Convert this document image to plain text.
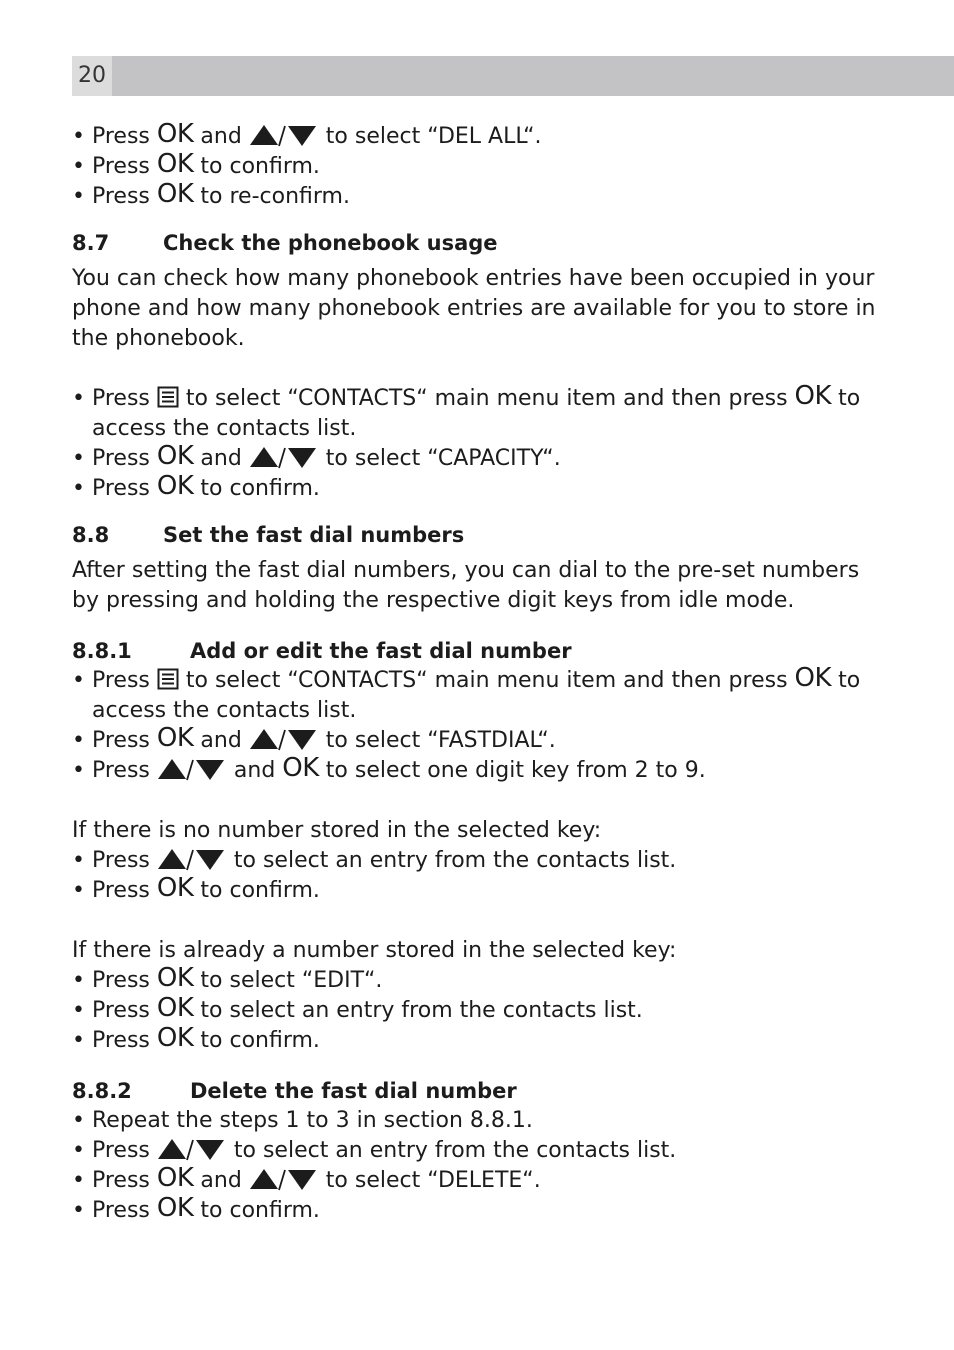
20
• Press OK and	to select “DEL ALL“.
• Press OK to confirm.
• Press OK to re-confirm.
8.7	Check the phonebook usage

You can check how many phonebook entries have been occupied in your phone and how many phonebook entries are available for you to store in the phonebook.

• Press to select “CONTACTS“ main menu item and then press OK to access the contacts list.
• Press OK and	to select “CAPACITY“.
• Press OK to confirm.
8.8	Set the fast dial numbers

After setting the fast dial numbers, you can dial to the pre-set numbers by pressing and holding the respective digit keys from idle mode.

8.8.1	Add or edit the fast dial number
• Press to select “CONTACTS“ main menu item and then press OK to access the contacts list.
• Press OK and	to select “FASTDIAL“.
• Press	and OK to select one digit key from 2 to 9.

If there is no number stored in the selected key:

• Press	to select an entry from the contacts list.
• Press OK to confirm.

If there is already a number stored in the selected key:

• Press OK to select “EDIT“.
• Press OK to select an entry from the contacts list.
• Press OK to confirm.
8.8.2	Delete the fast dial number
• Repeat the steps 1 to 3 in section 8.8.1.
• Press	to select an entry from the contacts list.
• Press OK and	to select “DELETE“.
• Press OK to confirm.
